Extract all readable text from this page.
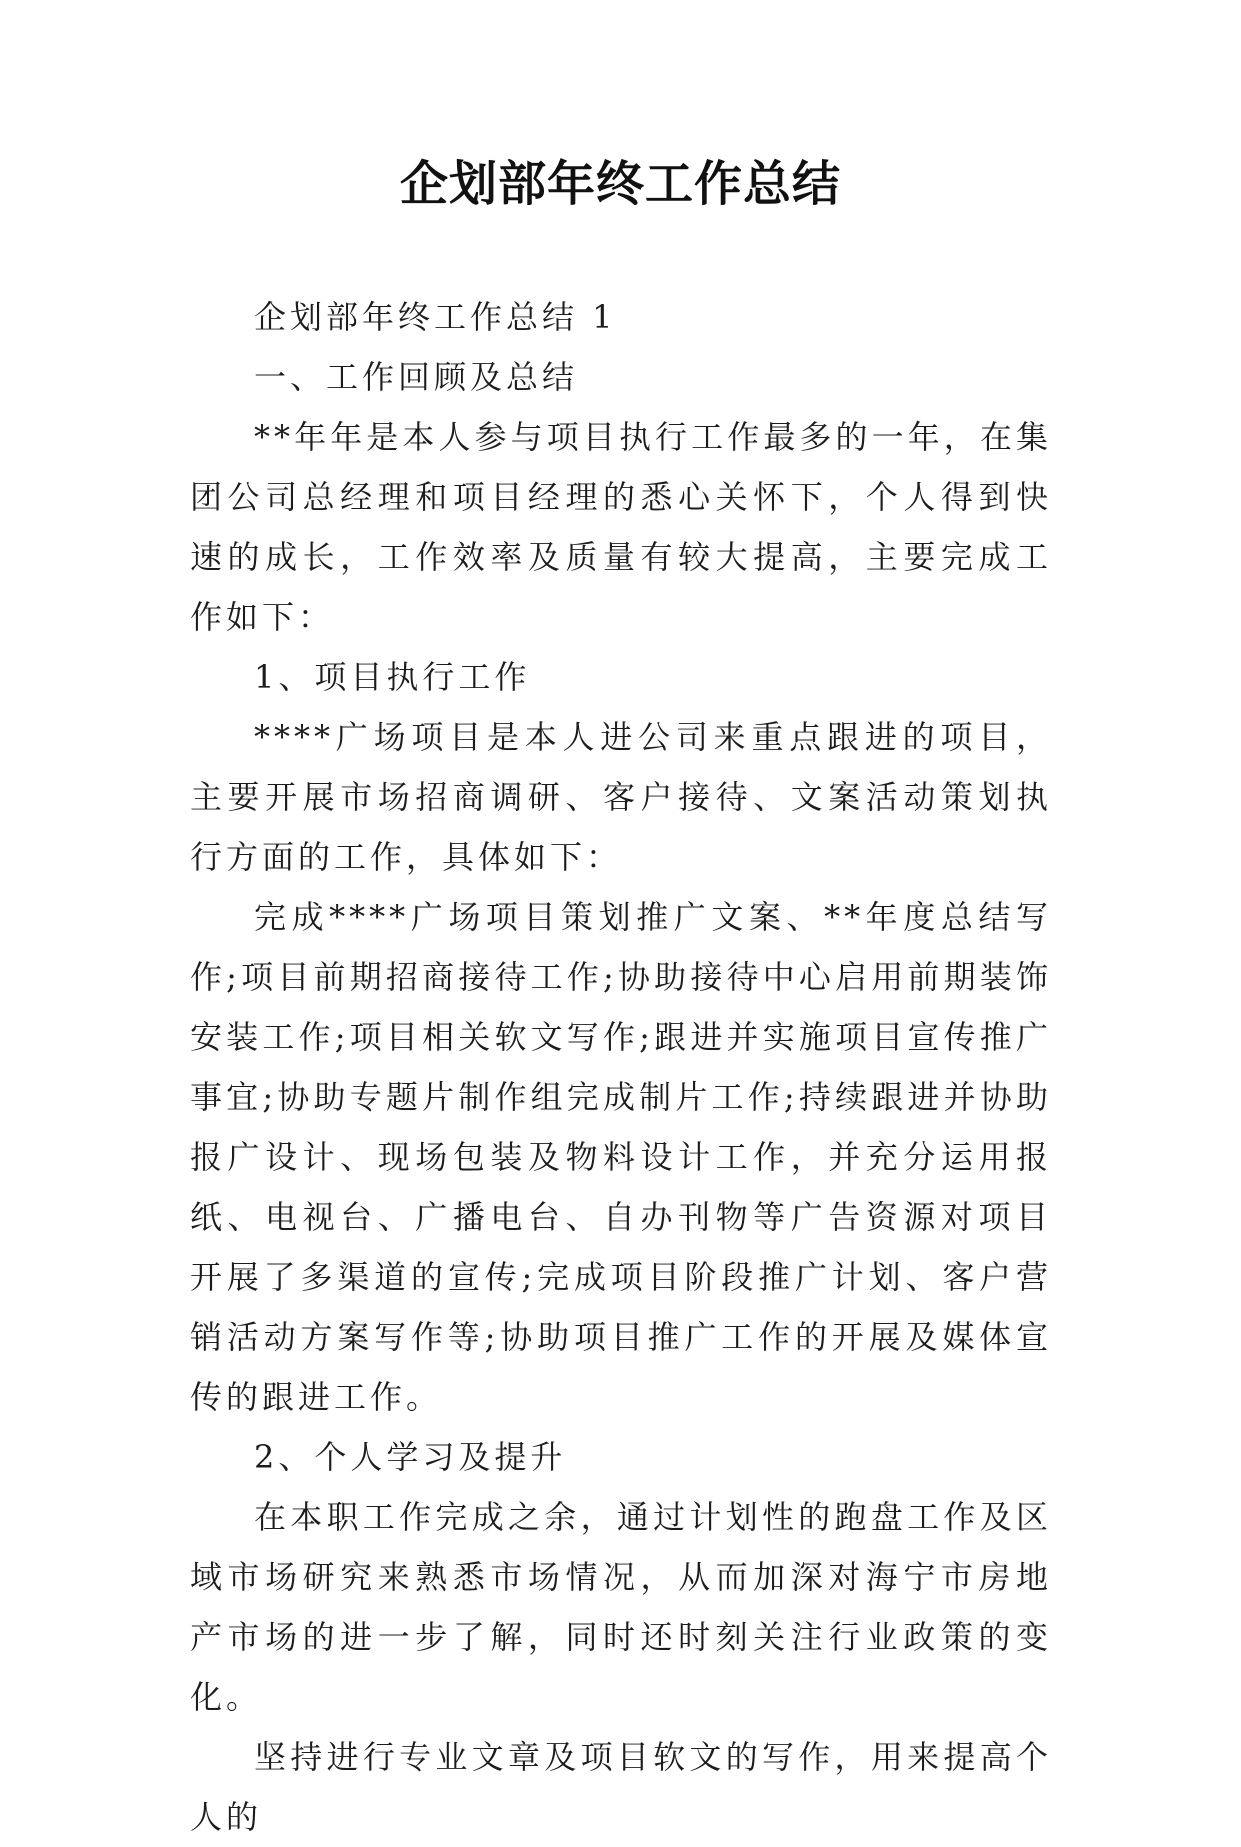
企划部年终工作总结

企划部年终工作总结 1

一、工作回顾及总结

**年年是本人参与项目执行工作最多的一年，在集团公司总经理和项目经理的悉心关怀下，个人得到快速的成长，工作效率及质量有较大提高，主要完成工作如下：

1、项目执行工作

****广场项目是本人进公司来重点跟进的项目，主要开展市场招商调研、客户接待、文案活动策划执行方面的工作，具体如下：

完成****广场项目策划推广文案、**年度总结写作;项目前期招商接待工作;协助接待中心启用前期装饰安装工作;项目相关软文写作;跟进并实施项目宣传推广事宜;协助专题片制作组完成制片工作;持续跟进并协助报广设计、现场包装及物料设计工作，并充分运用报纸、电视台、广播电台、自办刊物等广告资源对项目开展了多渠道的宣传;完成项目阶段推广计划、客户营销活动方案写作等;协助项目推广工作的开展及媒体宣传的跟进工作。

2、个人学习及提升

在本职工作完成之余，通过计划性的跑盘工作及区域市场研究来熟悉市场情况，从而加深对海宁市房地产市场的进一步了解，同时还时刻关注行业政策的变化。

坚持进行专业文章及项目软文的写作，用来提高个人的
